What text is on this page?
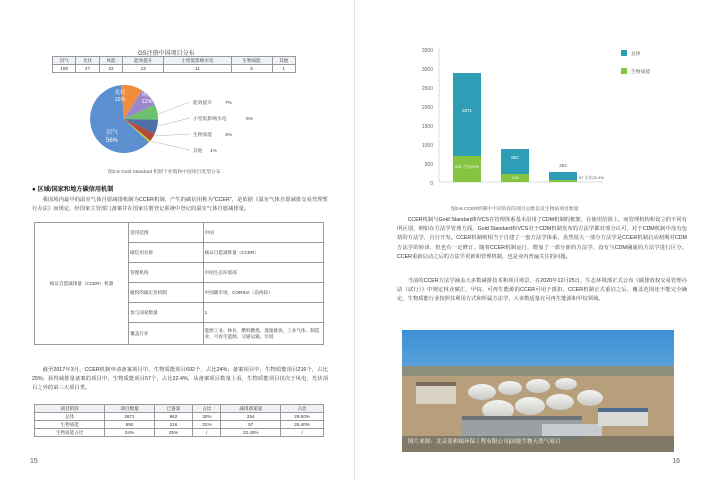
GS注册中国项目分布
沼气	光伏	风能	能效提升	小型低影响水电	生物质能	其他
100	27	22	13	11	6	1
沼气
56%
光伏
15%
风能
12%	能效提升	7%
小型低影响水电	6%
生物质能	3%
其他 1%
图2-5 Gold Standard 机制下业绩和中国项目类型分布
● 区域/国家和地方碳信用机制
我国境内最早的温室气体自愿减排机制为CCER机制，产生的碳信用称为"CCER"，是依据《温室气体自愿减排交易管理暂行办法》而规定，经国家主管部门备案并在国家注册登记系统中登记的温室气体自愿减排量。
核证自愿减排量（CCER）机制	适用范围	中国
	碳信用名称	核证自愿减排量（CCER）
	管理机构	中国生态环境部
	履约的碳定价机制	中国碳市场，CORSIA（前两段）
	参与国家数量	1
	覆盖行业	能源工业、林业、燃料燃烧、逃逸排放、工业气体、制造业、可再生能源、交通运输、垃圾
截至2017年3月，CCER机制申请备案项目中，生物质能项目692个，占比24%；备案项目中，生物质能项目216个，占比25%；获得减排量备案的项目中，生物质能项目57个，占比22.4%，从备案项目数量上看，生物质能项目仅次于风电、光伏项目之外的第三大项目类。
项目阶段	项目数量	已备案	占比	减排备案量	占比
总体	2871	862	30%	254	29.50%
生物质能	692	216	31%	57	26.40%
生物质能占比	24%	25%	/	22.40%	/
15
3500
3000
2500
2000
1500
1000
500
0
2871
692 占比24%
862
216
254
57 占比22.4%
总体
生物质能
图2-6 CCER机制中不同阶段的项目总数以及生物质项目数量
CCER机制与Gold Standard和VCS在管理体系基本沿用了CDM机制的框架，在使用范围上，而管理机构和设立的不同有所区别，例如在方法学管理方面，Gold Standard和VCS对于CDM机制发布的方法学都对部分认可，对于CDM机制中没有包括的方法学，自行开发。CCER机制则相当于自建了一套方法学体系，虽然很大一部分方法学是CCER机制启动初期对CDM方法学的转译，但也有一定修订。随着CCER机制运行，增加了一部分新的方法学，没有与CDM融通的方法学进行区分。CCER重新启动之后的方法学更新和管理机制，也是业内普遍关注的问题。
当前的CCER方法学涵盖大多数减排技术和项目场景，在2020年12月25日，生态环境部正式公布《碳排放权交易管理办法（试行）》中规定林业碳汇、甲烷、可再生能源的CCER可用于抵扣，CCER机制正式重启之后，覆盖范围还不能完全确定，生物质能行业按照其利用方式和所属方法学，大多数适量在可再生能源和甲烷领域。
16
图片来源：北京盈和瑞环保工程有限公司|国能生物天然气项目
